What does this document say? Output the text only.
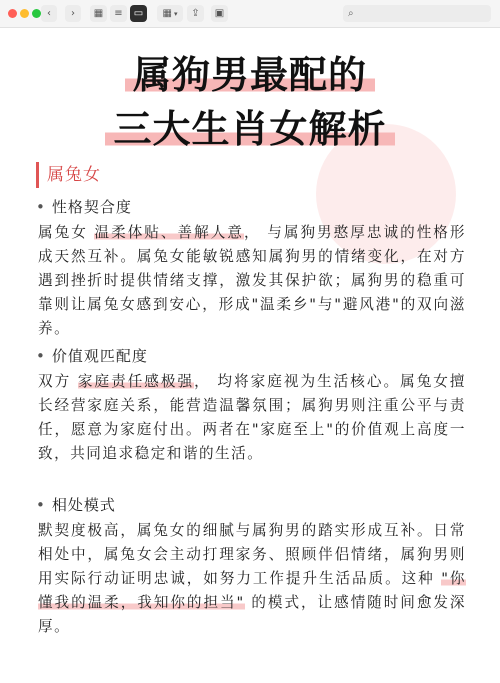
‹ › ▦ ≡ ▭ ▦ ▾ ⇪ ▣	⌕
属狗男最配的
三大生肖女解析
属兔女
• 性格契合度
属兔女 温柔体贴、善解人意， 与属狗男憨厚忠诚的性格形成天然互补。属兔女能敏锐感知属狗男的情绪变化，在对方遇到挫折时提供情绪支撑，激发其保护欲；属狗男的稳重可靠则让属兔女感到安心，形成"温柔乡"与"避风港"的双向滋养。
• 价值观匹配度
双方 家庭责任感极强， 均将家庭视为生活核心。属兔女擅长经营家庭关系，能营造温馨氛围；属狗男则注重公平与责任，愿意为家庭付出。两者在"家庭至上"的价值观上高度一致，共同追求稳定和谐的生活。
• 相处模式
默契度极高，属兔女的细腻与属狗男的踏实形成互补。日常相处中，属兔女会主动打理家务、照顾伴侣情绪，属狗男则用实际行动证明忠诚，如努力工作提升生活品质。这种 "你懂我的温柔，我知你的担当" 的模式，让感情随时间愈发深厚。
